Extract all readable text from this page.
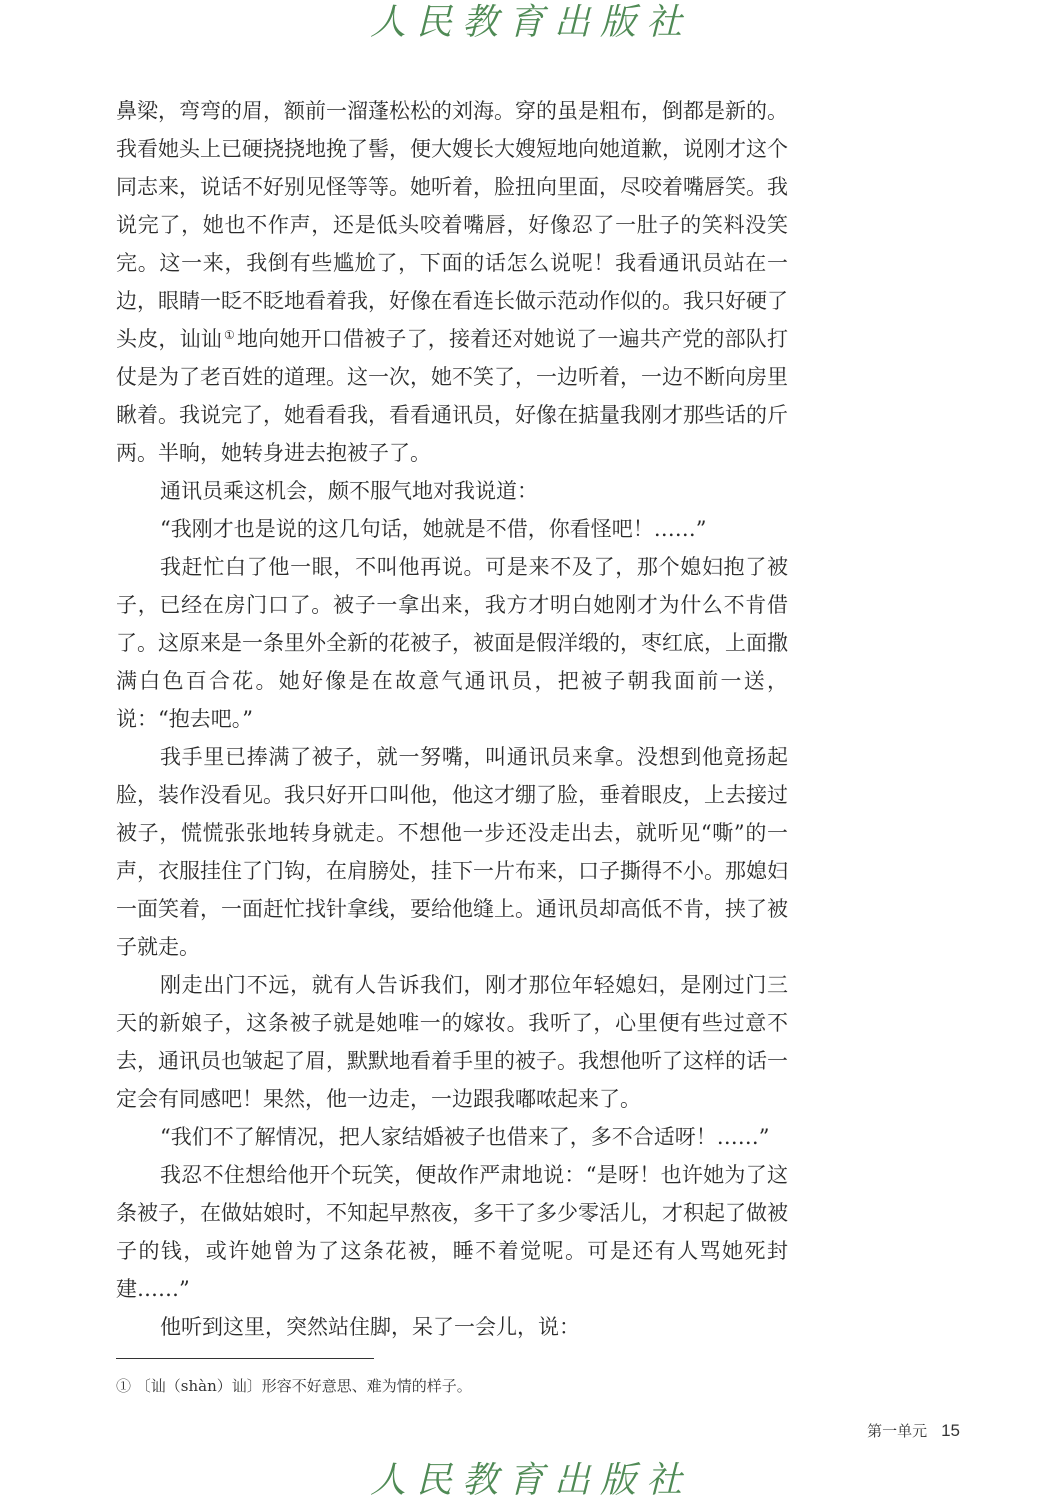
人民教育出版社

鼻梁，弯弯的眉，额前一溜蓬松松的刘海。穿的虽是粗布，倒都是新的。我看她头上已硬挠挠地挽了髻，便大嫂长大嫂短地向她道歉，说刚才这个同志来，说话不好别见怪等等。她听着，脸扭向里面，尽咬着嘴唇笑。我说完了，她也不作声，还是低头咬着嘴唇，好像忍了一肚子的笑料没笑完。这一来，我倒有些尴尬了，下面的话怎么说呢！我看通讯员站在一边，眼睛一眨不眨地看着我，好像在看连长做示范动作似的。我只好硬了头皮，讪讪 ①地向她开口借被子了，接着还对她说了一遍共产党的部队打仗是为了老百姓的道理。这一次，她不笑了，一边听着，一边不断向房里瞅着。我说完了，她看看我，看看通讯员，好像在掂量我刚才那些话的斤两。半晌，她转身进去抱被子了。

通讯员乘这机会，颇不服气地对我说道：

“我刚才也是说的这几句话，她就是不借，你看怪吧！……”

我赶忙白了他一眼，不叫他再说。可是来不及了，那个媳妇抱了被子，已经在房门口了。被子一拿出来，我方才明白她刚才为什么不肯借了。这原来是一条里外全新的花被子，被面是假洋缎的，枣红底，上面撒满白色百合花。她好像是在故意气通讯员，把被子朝我面前一送，说：“抱去吧。”

我手里已捧满了被子，就一努嘴，叫通讯员来拿。没想到他竟扬起脸，装作没看见。我只好开口叫他，他这才绷了脸，垂着眼皮，上去接过被子，慌慌张张地转身就走。不想他一步还没走出去，就听见“嘶”的一声，衣服挂住了门钩，在肩膀处，挂下一片布来，口子撕得不小。那媳妇一面笑着，一面赶忙找针拿线，要给他缝上。通讯员却高低不肯，挟了被子就走。

刚走出门不远，就有人告诉我们，刚才那位年轻媳妇，是刚过门三天的新娘子，这条被子就是她唯一的嫁妆。我听了，心里便有些过意不去，通讯员也皱起了眉，默默地看着手里的被子。我想他听了这样的话一定会有同感吧！果然，他一边走，一边跟我嘟哝起来了。

“我们不了解情况，把人家结婚被子也借来了，多不合适呀！……”

我忍不住想给他开个玩笑，便故作严肃地说：“是呀！也许她为了这条被子，在做姑娘时，不知起早熬夜，多干了多少零活儿，才积起了做被子的钱，或许她曾为了这条花被，睡不着觉呢。可是还有人骂她死封建……”

他听到这里，突然站住脚，呆了一会儿，说：

① 〔讪（shàn）讪〕形容不好意思、难为情的样子。
第一单元 15
人民教育出版社
